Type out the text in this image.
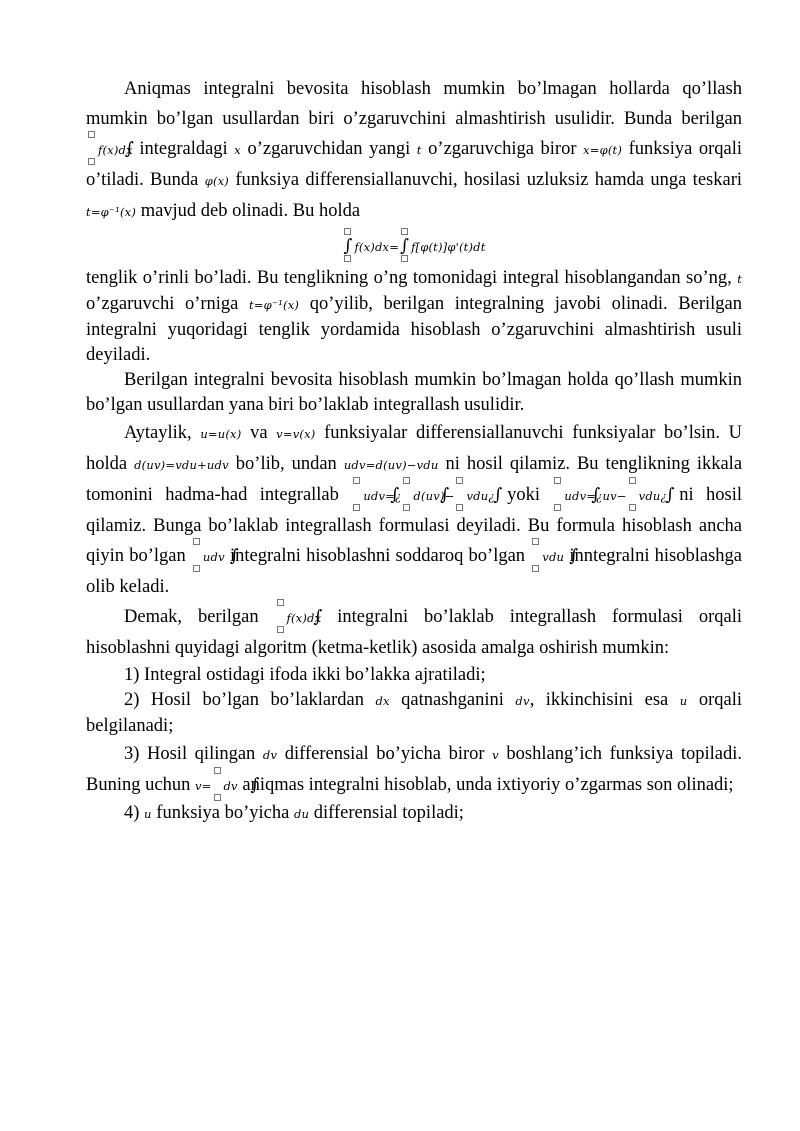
Aniqmas integralni bevosita hisoblash mumkin bo’lmagan hollarda qo’llash mumkin bo’lgan usullardan biri o’zgaruvchini almashtirish usulidir. Bunda berilgan ∫
f(x)dx integraldagi x o’zgaruvchidan yangi t o’zgaruvchiga biror x=φ(t) funksiya orqali o’tiladi. Bunda φ(x) funksiya differensiallanuvchi, hosilasi uzluksiz hamda unga teskari t=φ⁻¹(x) mavjud deb olinadi. Bu holda

∫
f(x)dx= ∫ f[φ(t)]φ'(t)dt

tenglik o’rinli bo’ladi. Bu tenglikning o’ng tomonidagi integral hisoblangandan so’ng, t o’zgaruvchi o’rniga t=φ⁻¹(x) qo’yilib, berilgan integralning javobi olinadi. Berilgan integralni yuqoridagi tenglik yordamida hisoblash o’zgaruvchini almashtirish usuli deyiladi.

Berilgan integralni bevosita hisoblash mumkin bo’lmagan holda qo’llash mumkin bo’lgan usullardan yana biri bo’laklab integrallash usulidir.

Aytaylik, u=u(x) va v=v(x) funksiyalar differensiallanuvchi funksiyalar bo’lsin. U holda d(uv)=vdu+udv bo’lib, undan udv=d(uv)−vdu ni hosil qilamiz. Bu tenglikning ikkala tomonini hadma-had integrallab ∫ udv=¿ ∫ d(uv)− ∫ vdu¿ yoki ∫ udv=¿uv− ∫ vdu¿ ni hosil qilamiz. Bunga bo’laklab integrallash formulasi deyiladi. Bu formula hisoblash ancha qiyin bo’lgan ∫ udv integralni hisoblashni soddaroq bo’lgan ∫ vdu inntegralni hisoblashga olib keladi.

Demak, berilgan ∫ f(x)dx integralni bo’laklab integrallash formulasi orqali hisoblashni quyidagi algoritm (ketma-ketlik) asosida amalga oshirish mumkin:

1) Integral ostidagi ifoda ikki bo’lakka ajratiladi;

2) Hosil bo’lgan bo’laklardan dx qatnashganini dv, ikkinchisini esa u orqali belgilanadi;

3) Hosil qilingan dv differensial bo’yicha biror v boshlang’ich funksiya topiladi. Buning uchun v= ∫ dv aniqmas integralni hisoblab, unda ixtiyoriy o’zgarmas son olinadi;

4) u funksiya bo’yicha du differensial topiladi;
